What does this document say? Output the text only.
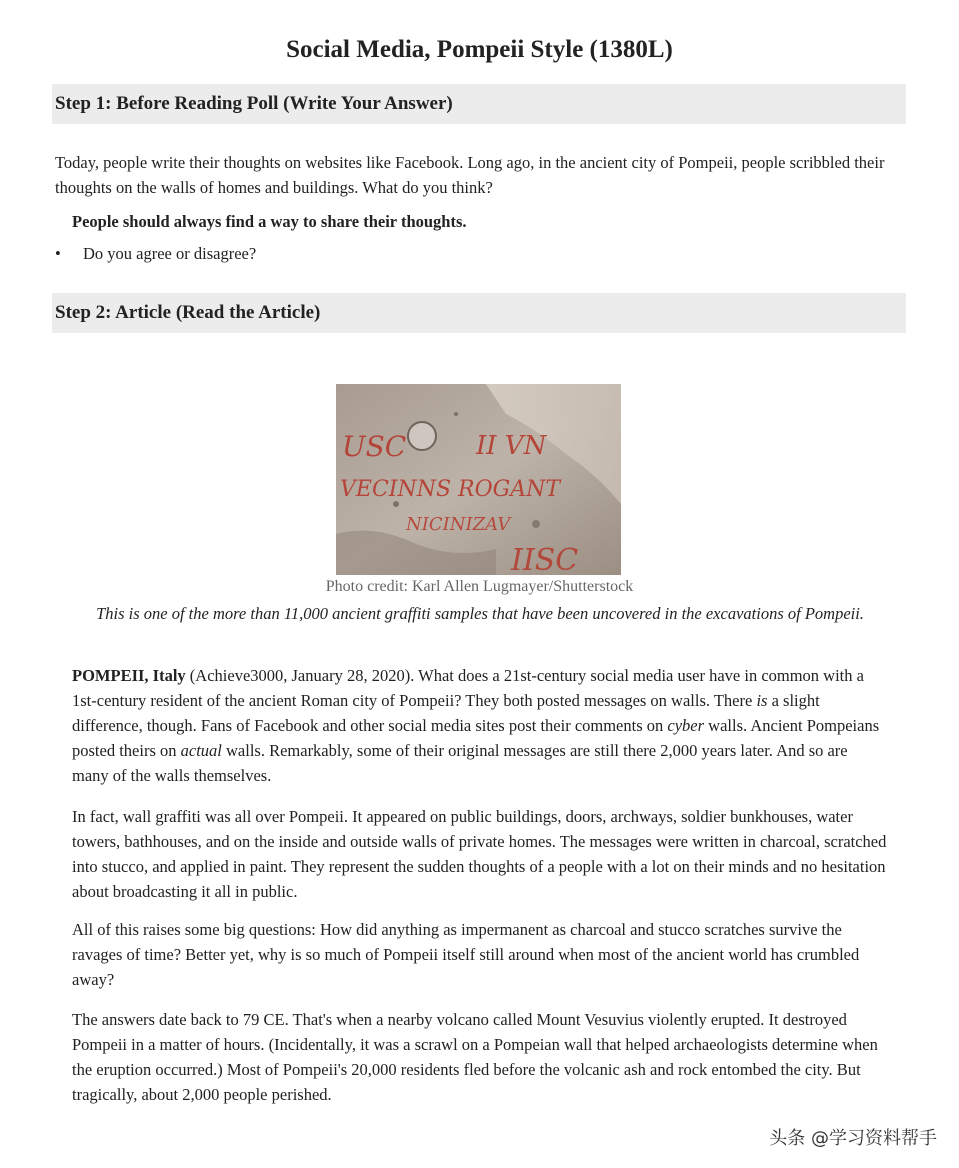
Social Media, Pompeii Style (1380L)
Step 1: Before Reading Poll (Write Your Answer)
Today, people write their thoughts on websites like Facebook. Long ago, in the ancient city of Pompeii, people scribbled their thoughts on the walls of homes and buildings. What do you think?
People should always find a way to share their thoughts.
• Do you agree or disagree?
Step 2: Article (Read the Article)
USC	II VN
VECINNS ROGANT
NICINIZAV
IISC
Photo credit: Karl Allen Lugmayer/Shutterstock
This is one of the more than 11,000 ancient graffiti samples that have been uncovered in the excavations of Pompeii.
POMPEII, Italy (Achieve3000, January 28, 2020). What does a 21st-century social media user have in common with a 1st-century resident of the ancient Roman city of Pompeii? They both posted messages on walls. There is a slight difference, though. Fans of Facebook and other social media sites post their comments on cyber walls. Ancient Pompeians posted theirs on actual walls. Remarkably, some of their original messages are still there 2,000 years later. And so are many of the walls themselves.
In fact, wall graffiti was all over Pompeii. It appeared on public buildings, doors, archways, soldier bunkhouses, water towers, bathhouses, and on the inside and outside walls of private homes. The messages were written in charcoal, scratched into stucco, and applied in paint. They represent the sudden thoughts of a people with a lot on their minds and no hesitation about broadcasting it all in public.
All of this raises some big questions: How did anything as impermanent as charcoal and stucco scratches survive the ravages of time? Better yet, why is so much of Pompeii itself still around when most of the ancient world has crumbled away?
The answers date back to 79 CE. That's when a nearby volcano called Mount Vesuvius violently erupted. It destroyed Pompeii in a matter of hours. (Incidentally, it was a scrawl on a Pompeian wall that helped archaeologists determine when the eruption occurred.) Most of Pompeii's 20,000 residents fled before the volcanic ash and rock entombed the city. But tragically, about 2,000 people perished.
头条 @学习资料帮手
